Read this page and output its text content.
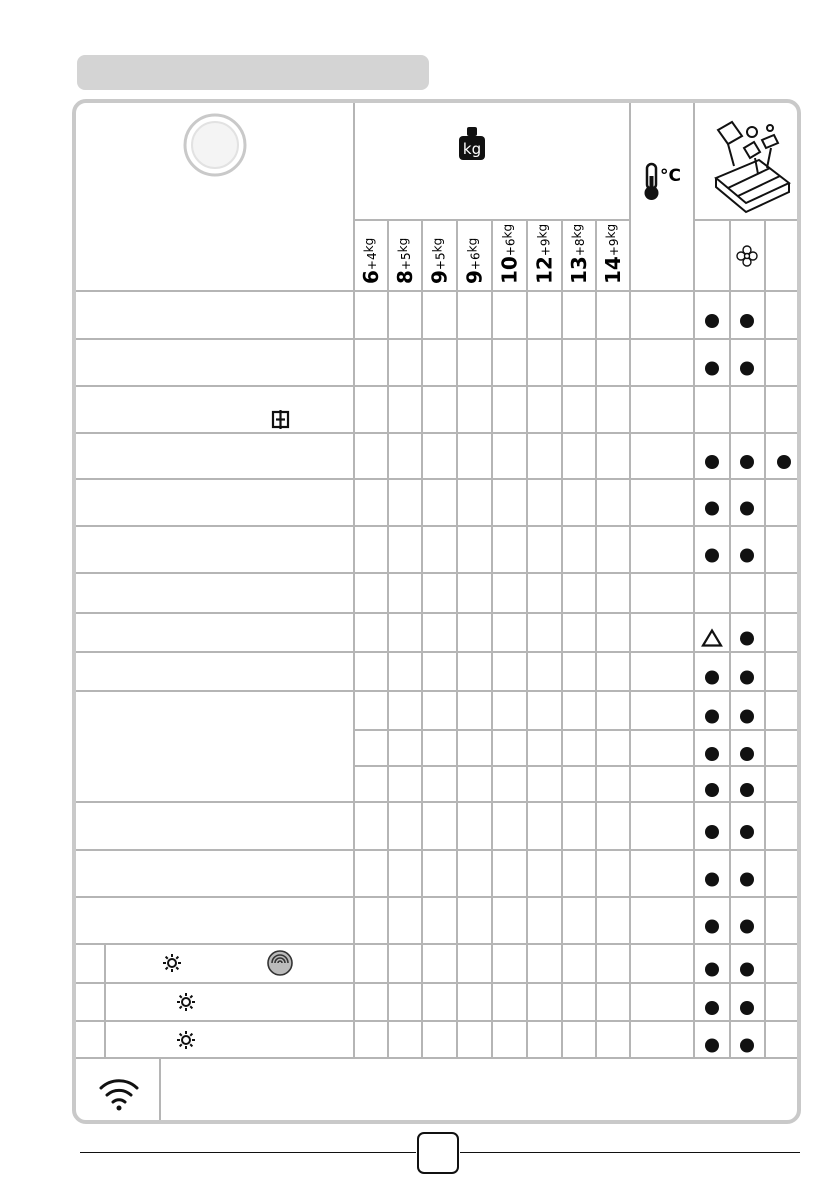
6+4kg
8+5kg
9+5kg
9+6kg
10+6kg
12+9kg
13+8kg
14+9kg
kg
°C
